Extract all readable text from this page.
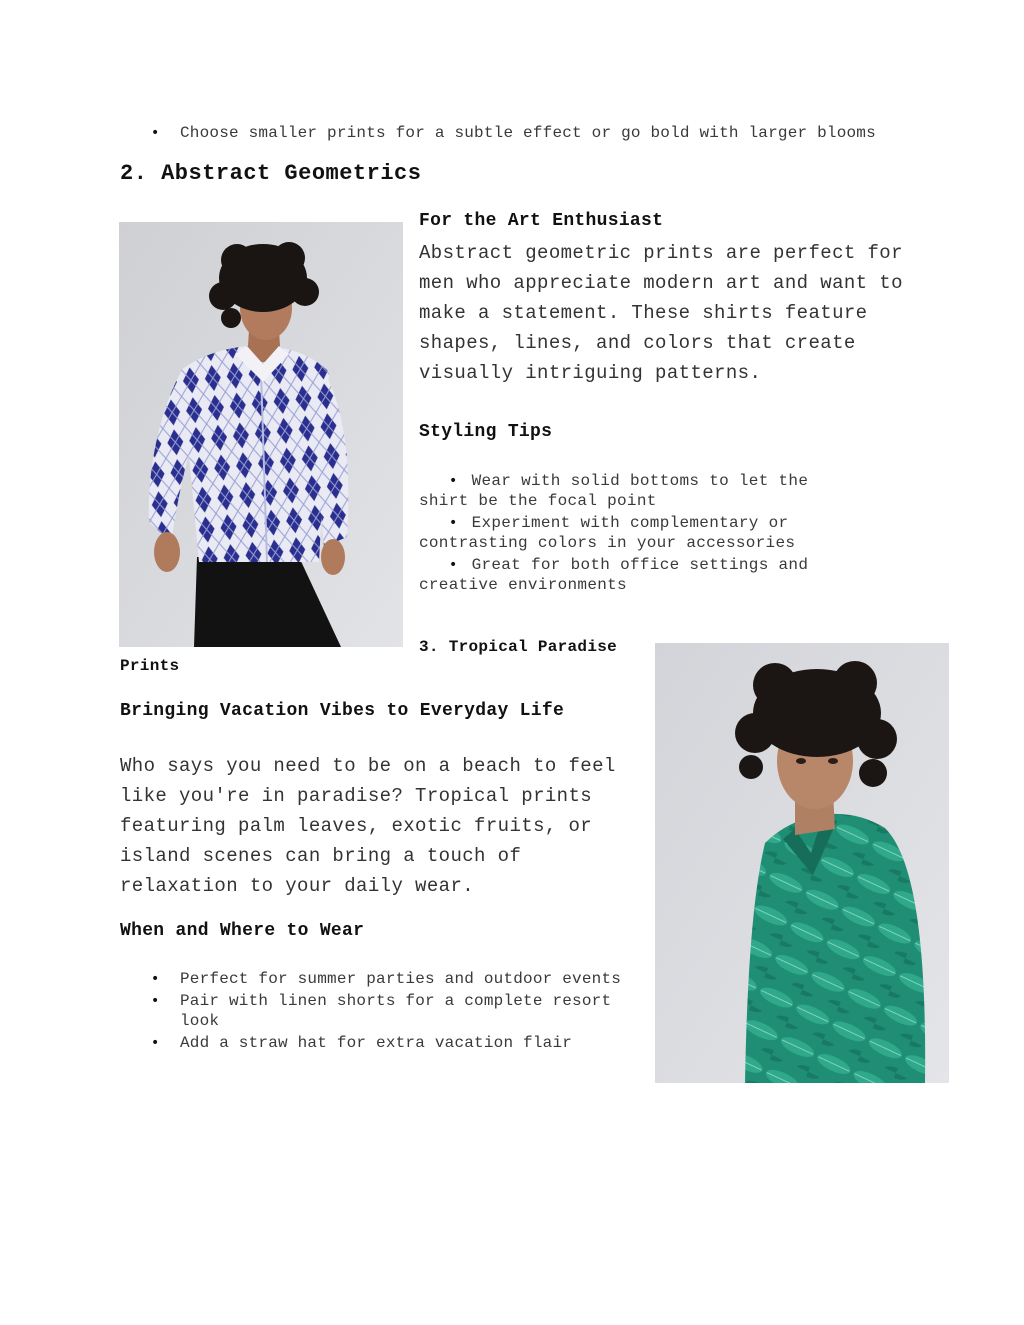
• Choose smaller prints for a subtle effect or go bold with larger blooms
2. Abstract Geometrics
For the Art Enthusiast
Abstract geometric prints are perfect for men who appreciate modern art and want to make a statement. These shirts feature shapes, lines, and colors that create visually intriguing patterns.
Styling Tips
• Wear with solid bottoms to let the shirt be the focal point
• Experiment with complementary or contrasting colors in your accessories
• Great for both office settings and creative environments
3. Tropical Paradise
Prints
Bringing Vacation Vibes to Everyday Life
Who says you need to be on a beach to feel like you're in paradise? Tropical prints featuring palm leaves, exotic fruits, or island scenes can bring a touch of relaxation to your daily wear.
When and Where to Wear
• Perfect for summer parties and outdoor events
• Pair with linen shorts for a complete resort look
• Add a straw hat for extra vacation flair
